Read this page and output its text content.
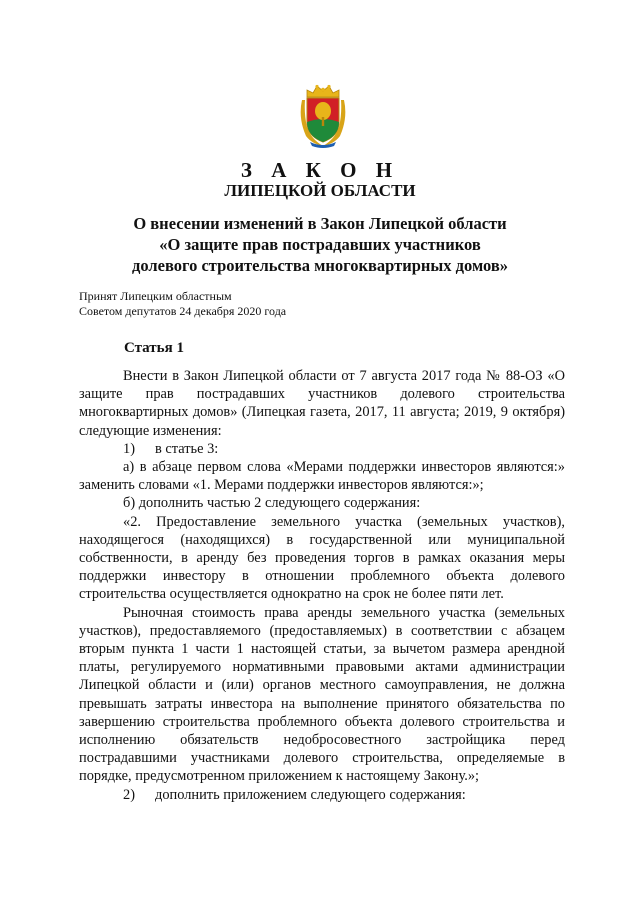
З А К О Н
ЛИПЕЦКОЙ ОБЛАСТИ
О внесении изменений в Закон Липецкой области
«О защите прав пострадавших участников
долевого строительства многоквартирных домов»
Принят Липецким областным
Советом депутатов 24 декабря 2020 года
Статья 1

Внести в Закон Липецкой области от 7 августа 2017 года № 88-ОЗ «О защите прав пострадавших участников долевого строительства многоквартирных домов» (Липецкая газета, 2017, 11 августа; 2019, 9 октября) следующие изменения:

1) в статье 3:

а) в абзаце первом слова «Мерами поддержки инвесторов являются:» заменить словами «1. Мерами поддержки инвесторов являются:»;

б) дополнить частью 2 следующего содержания:

«2. Предоставление земельного участка (земельных участков), находящегося (находящихся) в государственной или муниципальной собственности, в аренду без проведения торгов в рамках оказания меры поддержки инвестору в отношении проблемного объекта долевого строительства осуществляется однократно на срок не более пяти лет.

Рыночная стоимость права аренды земельного участка (земельных участков), предоставляемого (предоставляемых) в соответствии с абзацем вторым пункта 1 части 1 настоящей статьи, за вычетом размера арендной платы, регулируемого нормативными правовыми актами администрации Липецкой области и (или) органов местного самоуправления, не должна превышать затраты инвестора на выполнение принятого обязательства по завершению строительства проблемного объекта долевого строительства и исполнению обязательств недобросовестного застройщика перед пострадавшими участниками долевого строительства, определяемые в порядке, предусмотренном приложением к настоящему Закону.»;

2) дополнить приложением следующего содержания:
